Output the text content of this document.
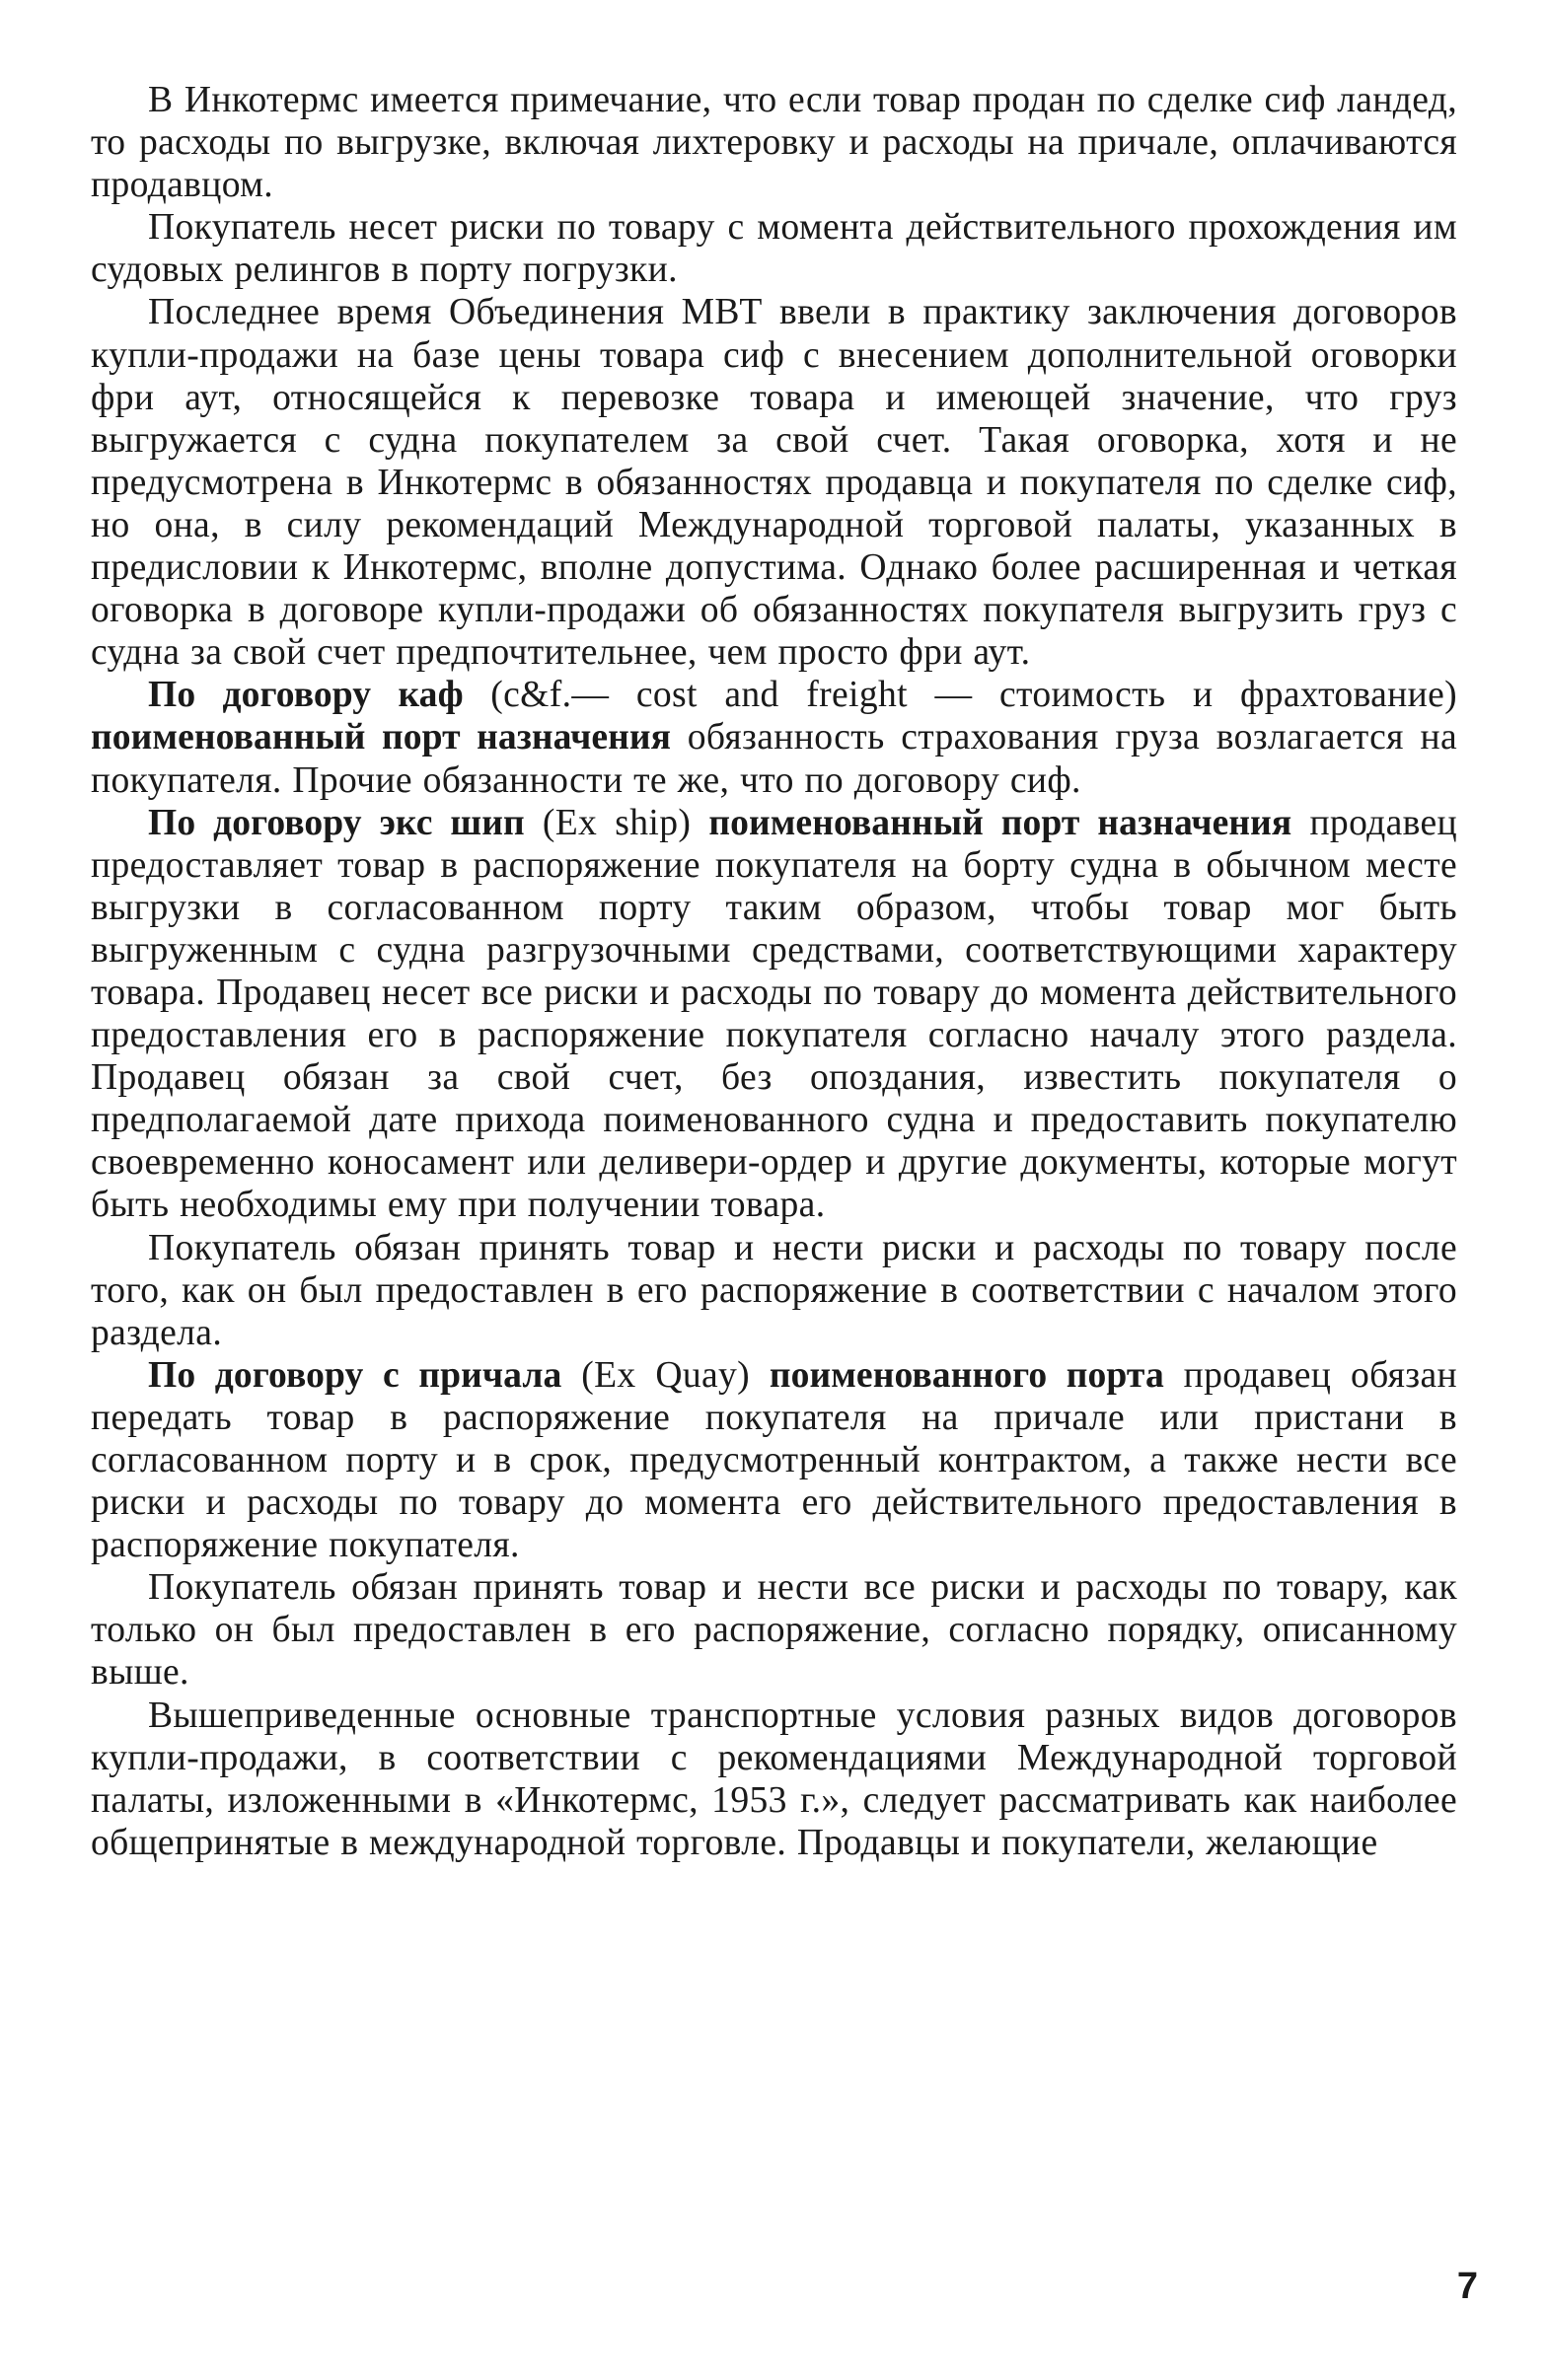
В Инкотермс имеется примечание, что если товар продан по сделке сиф ландед, то расходы по выгрузке, включая лихтеровку и расходы на причале, оплачиваются продавцом.

Покупатель несет риски по товару с момента действительного прохождения им судовых релингов в порту погрузки.

Последнее время Объединения МВТ ввели в практику заключения договоров купли-продажи на базе цены товара сиф с внесением дополнительной оговорки фри аут, относящейся к перевозке товара и имеющей значение, что груз выгружается с судна покупателем за свой счет. Такая оговорка, хотя и не предусмотрена в Инкотермс в обязанностях продавца и покупателя по сделке сиф, но она, в силу рекомендаций Международной торговой палаты, указанных в предисловии к Инкотермс, вполне допустима. Однако более расширенная и четкая оговорка в договоре купли-продажи об обязанностях покупателя выгрузить груз с судна за свой счет предпочтительнее, чем просто фри аут.

По договору каф (c&f.— cost and freight — стоимость и фрахтование) поименованный порт назначения обязанность страхования груза возлагается на покупателя. Прочие обязанности те же, что по договору сиф.

По договору экс шип (Ex ship) поименованный порт назначения продавец предоставляет товар в распоряжение покупателя на борту судна в обычном месте выгрузки в согласованном порту таким образом, чтобы товар мог быть выгруженным с судна разгрузочными средствами, соответствующими характеру товара. Продавец несет все риски и расходы по товару до момента действительного предоставления его в распоряжение покупателя согласно началу этого раздела. Продавец обязан за свой счет, без опоздания, известить покупателя о предполагаемой дате прихода поименованного судна и предоставить покупателю своевременно коносамент или деливери-ордер и другие документы, которые могут быть необходимы ему при получении товара.

Покупатель обязан принять товар и нести риски и расходы по товару после того, как он был предоставлен в его распоряжение в соответствии с началом этого раздела.

По договору с причала (Ex Quay) поименованного порта продавец обязан передать товар в распоряжение покупателя на причале или пристани в согласованном порту и в срок, предусмотренный контрактом, а также нести все риски и расходы по товару до момента его действительного предоставления в распоряжение покупателя.

Покупатель обязан принять товар и нести все риски и расходы по товару, как только он был предоставлен в его распоряжение, согласно порядку, описанному выше.

Вышеприведенные основные транспортные условия разных видов договоров купли-продажи, в соответствии с рекомендациями Международной торговой палаты, изложенными в «Инкотермс, 1953 г.», следует рассматривать как наиболее общепринятые в международной торговле. Продавцы и покупатели, желающие

7
